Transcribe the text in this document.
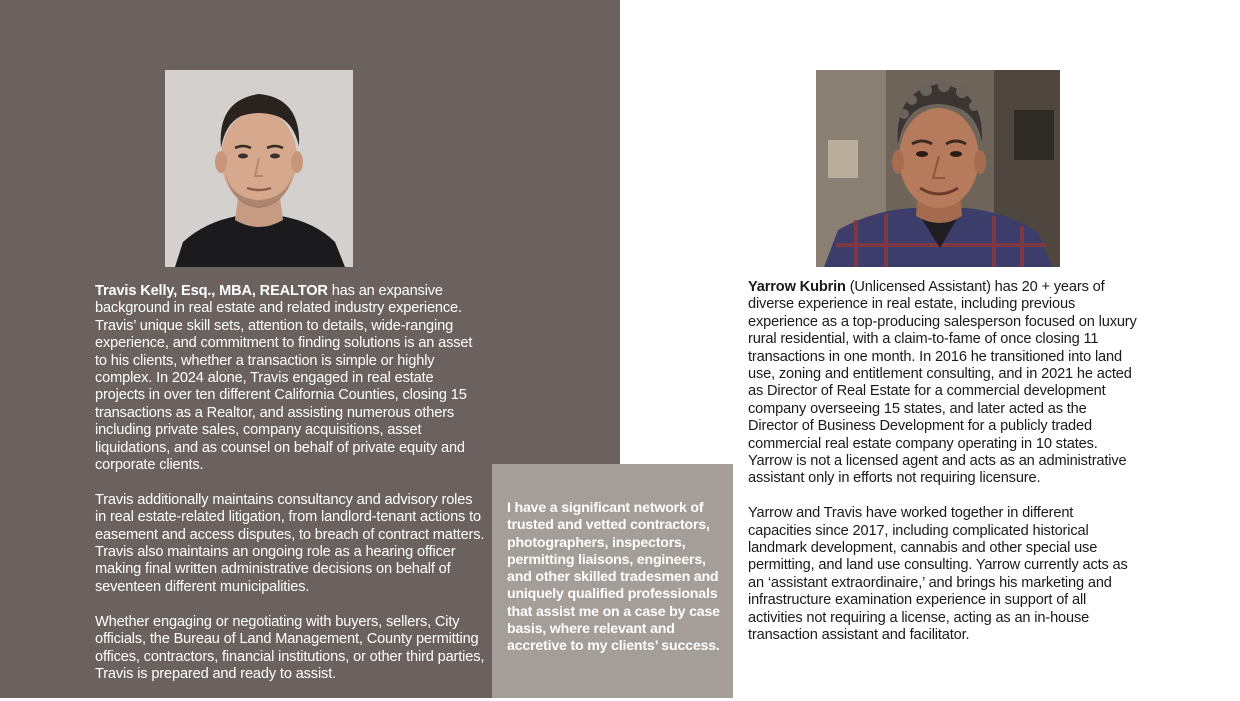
Travis Kelly, Esq., MBA, REALTOR has an expansive background in real estate and related industry experience. Travis’ unique skill sets, attention to details, wide-ranging experience, and commitment to finding solutions is an asset to his clients, whether a transaction is simple or highly complex. In 2024 alone, Travis engaged in real estate projects in over ten different California Counties, closing 15 transactions as a Realtor, and assisting numerous others including private sales, company acquisitions, asset liquidations, and as counsel on behalf of private equity and corporate clients.

Travis additionally maintains consultancy and advisory roles in real estate-related litigation, from landlord-tenant actions to easement and access disputes, to breach of contract matters. Travis also maintains an ongoing role as a hearing officer making final written administrative decisions on behalf of seventeen different municipalities.

Whether engaging or negotiating with buyers, sellers, City officials, the Bureau of Land Management, County permitting offices, contractors, financial institutions, or other third parties, Travis is prepared and ready to assist.

I have a significant network of trusted and vetted contractors, photographers, inspectors, permitting liaisons, engineers, and other skilled tradesmen and uniquely qualified professionals that assist me on a case by case basis, where relevant and accretive to my clients’ success.

Yarrow Kubrin (Unlicensed Assistant) has 20 + years of diverse experience in real estate, including previous experience as a top-producing salesperson focused on luxury rural residential, with a claim-to-fame of once closing 11 transactions in one month. In 2016 he transitioned into land use, zoning and entitlement consulting, and in 2021 he acted as Director of Real Estate for a commercial development company overseeing 15 states, and later acted as the Director of Business Development for a publicly traded commercial real estate company operating in 10 states. Yarrow is not a licensed agent and acts as an administrative assistant only in efforts not requiring licensure.

Yarrow and Travis have worked together in different capacities since 2017, including complicated historical landmark development, cannabis and other special use permitting, and land use consulting. Yarrow currently acts as an ‘assistant extraordinaire,’ and brings his marketing and infrastructure examination experience in support of all activities not requiring a license, acting as an in-house transaction assistant and facilitator.
